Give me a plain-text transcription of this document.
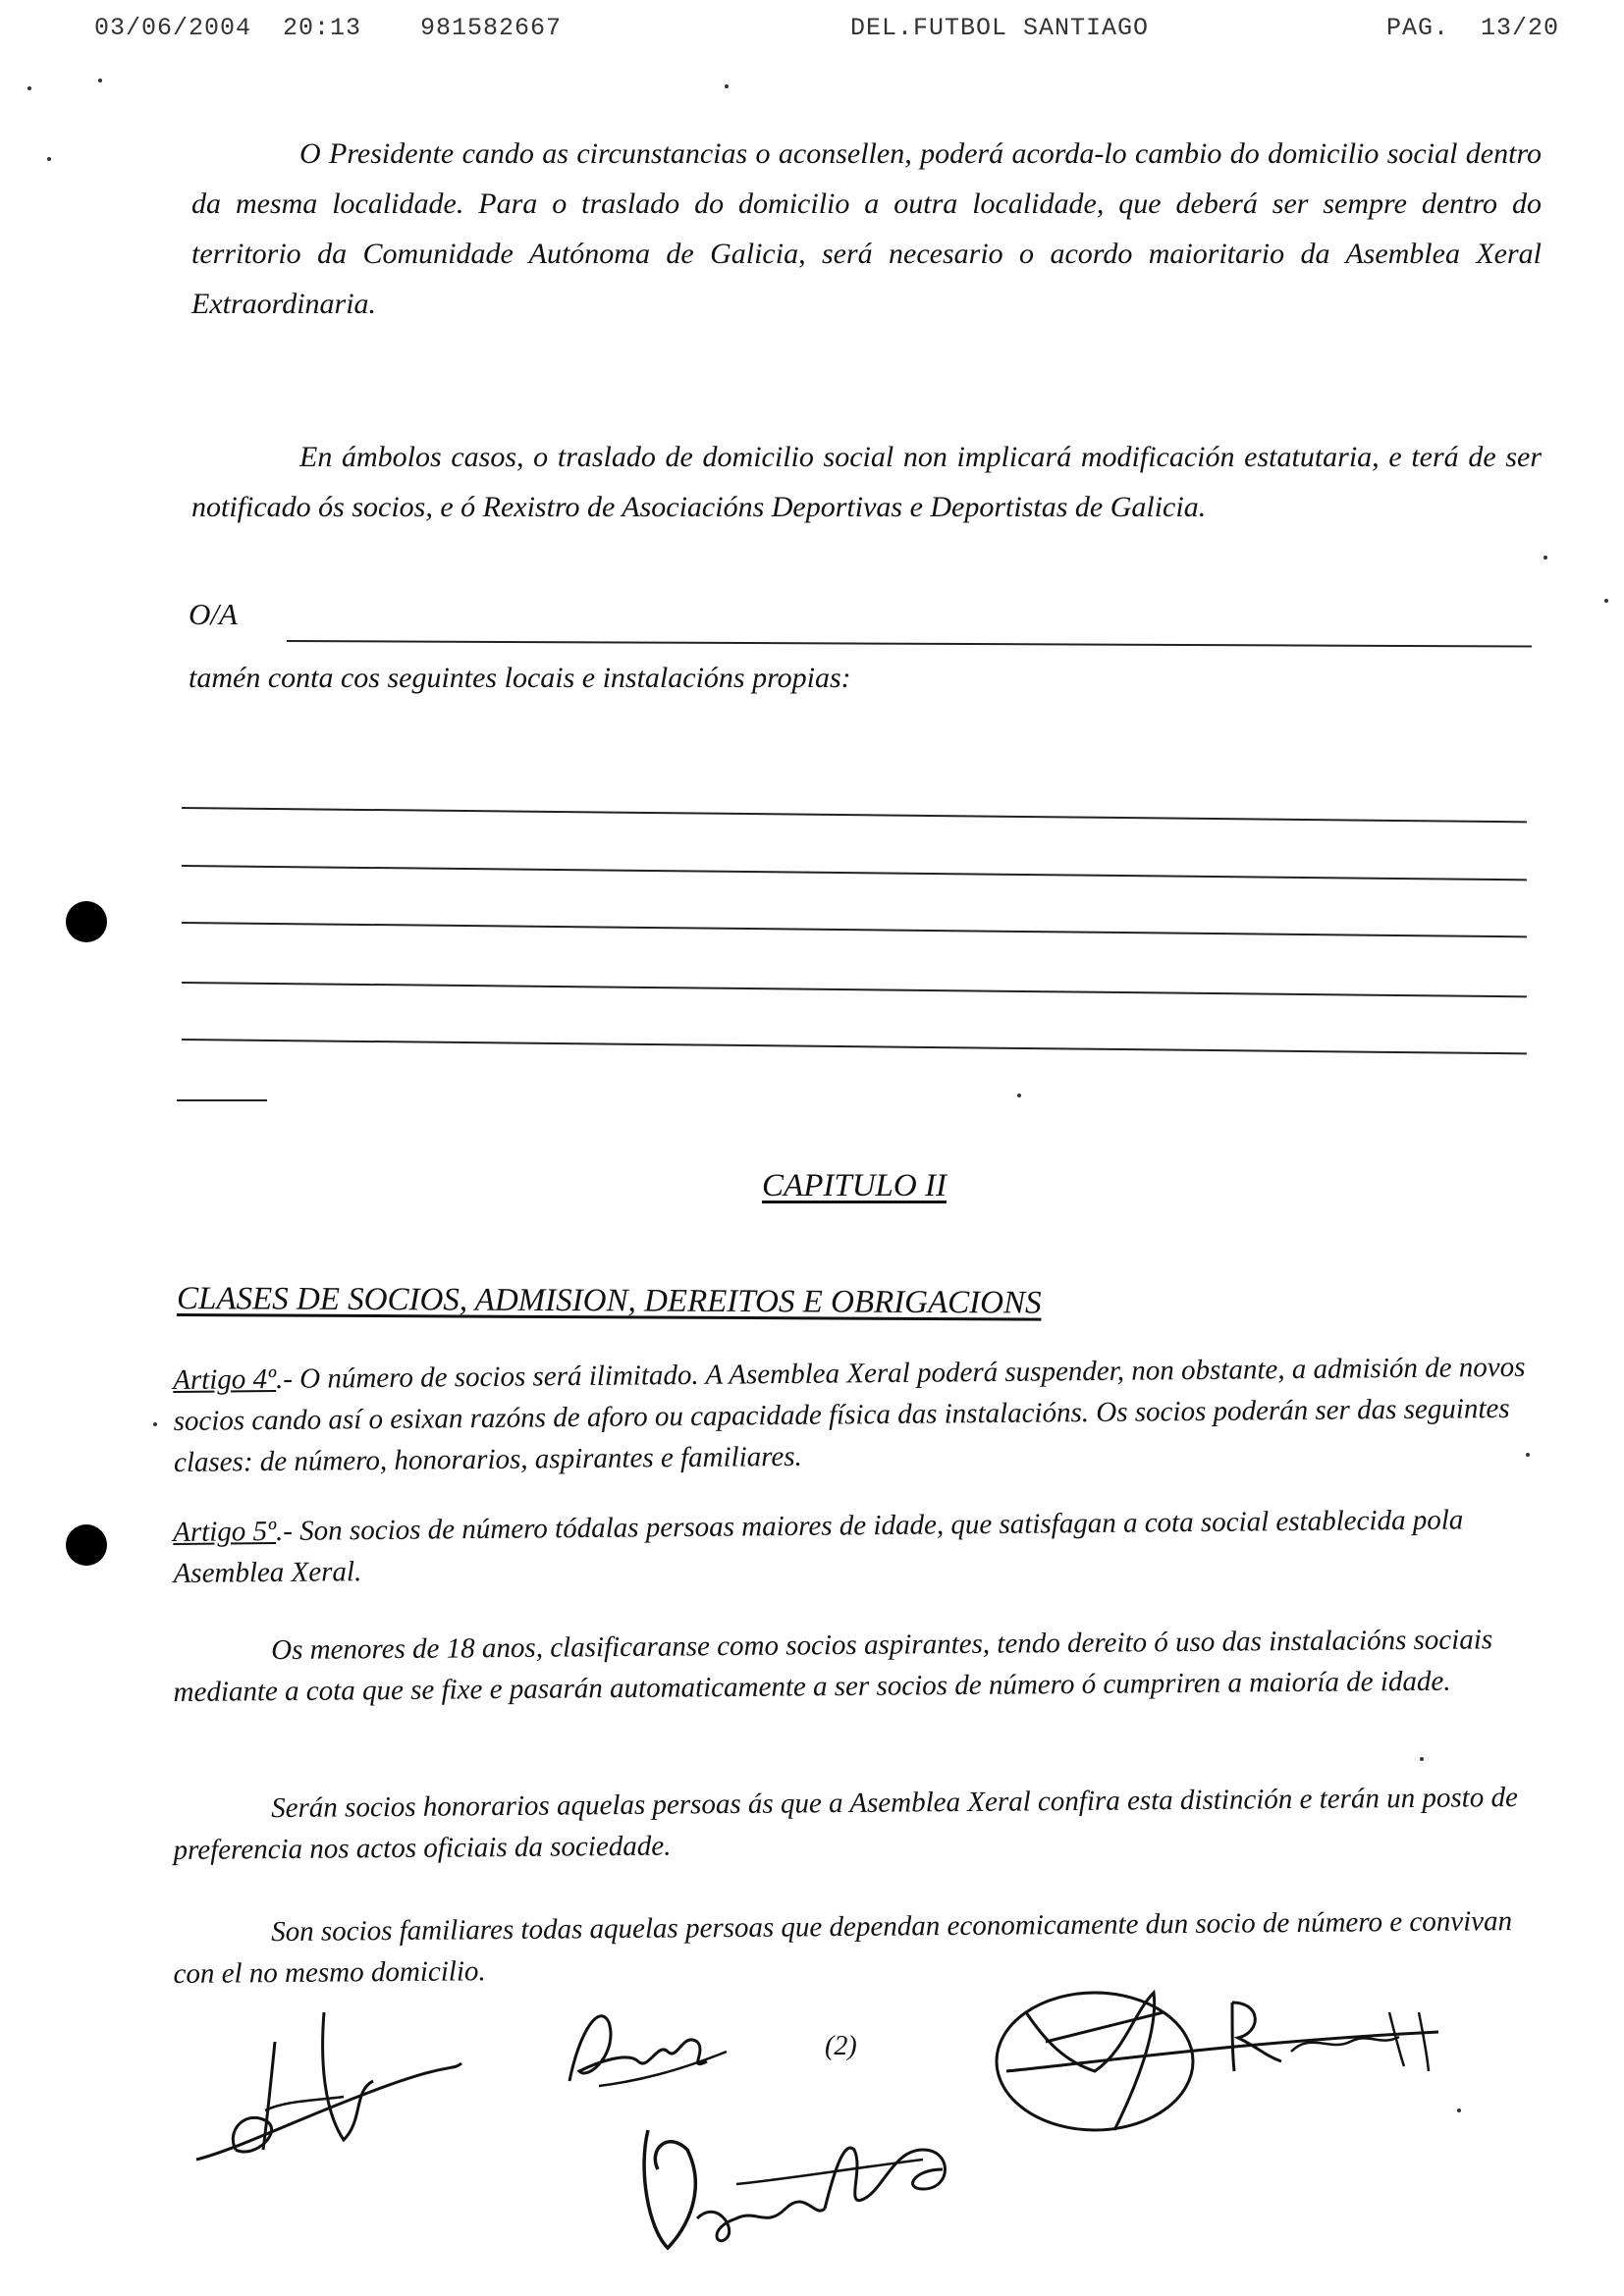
03/06/2004 20:13 981582667	DEL.FUTBOL SANTIAGO	PAG. 13/20

O Presidente cando as circunstancias o aconsellen, poderá acorda-lo cambio do domicilio social dentro da mesma localidade. Para o traslado do domicilio a outra localidade, que deberá ser sempre dentro do territorio da Comunidade Autónoma de Galicia, será necesario o acordo maioritario da Asemblea Xeral Extraordinaria.

En ámbolos casos, o traslado de domicilio social non implicará modificación estatutaria, e terá de ser notificado ós socios, e ó Rexistro de Asociacións Deportivas e Deportistas de Galicia.

O/A
tamén conta cos seguintes locais e instalacións propias:
CAPITULO II
CLASES DE SOCIOS, ADMISION, DEREITOS E OBRIGACIONS

Artigo 4º.- O número de socios será ilimitado. A Asemblea Xeral poderá suspender, non obstante, a admisión de novos socios cando así o esixan razóns de aforo ou capacidade física das instalacións. Os socios poderán ser das seguintes clases: de número, honorarios, aspirantes e familiares.

Artigo 5º.- Son socios de número tódalas persoas maiores de idade, que satisfagan a cota social establecida pola Asemblea Xeral.

Os menores de 18 anos, clasificaranse como socios aspirantes, tendo dereito ó uso das instalacións sociais mediante a cota que se fixe e pasarán automaticamente a ser socios de número ó cumpriren a maioría de idade.

Serán socios honorarios aquelas persoas ás que a Asemblea Xeral confira esta distinción e terán un posto de preferencia nos actos oficiais da sociedade.

Son socios familiares todas aquelas persoas que dependan economicamente dun socio de número e convivan con el no mesmo domicilio.

(2)
